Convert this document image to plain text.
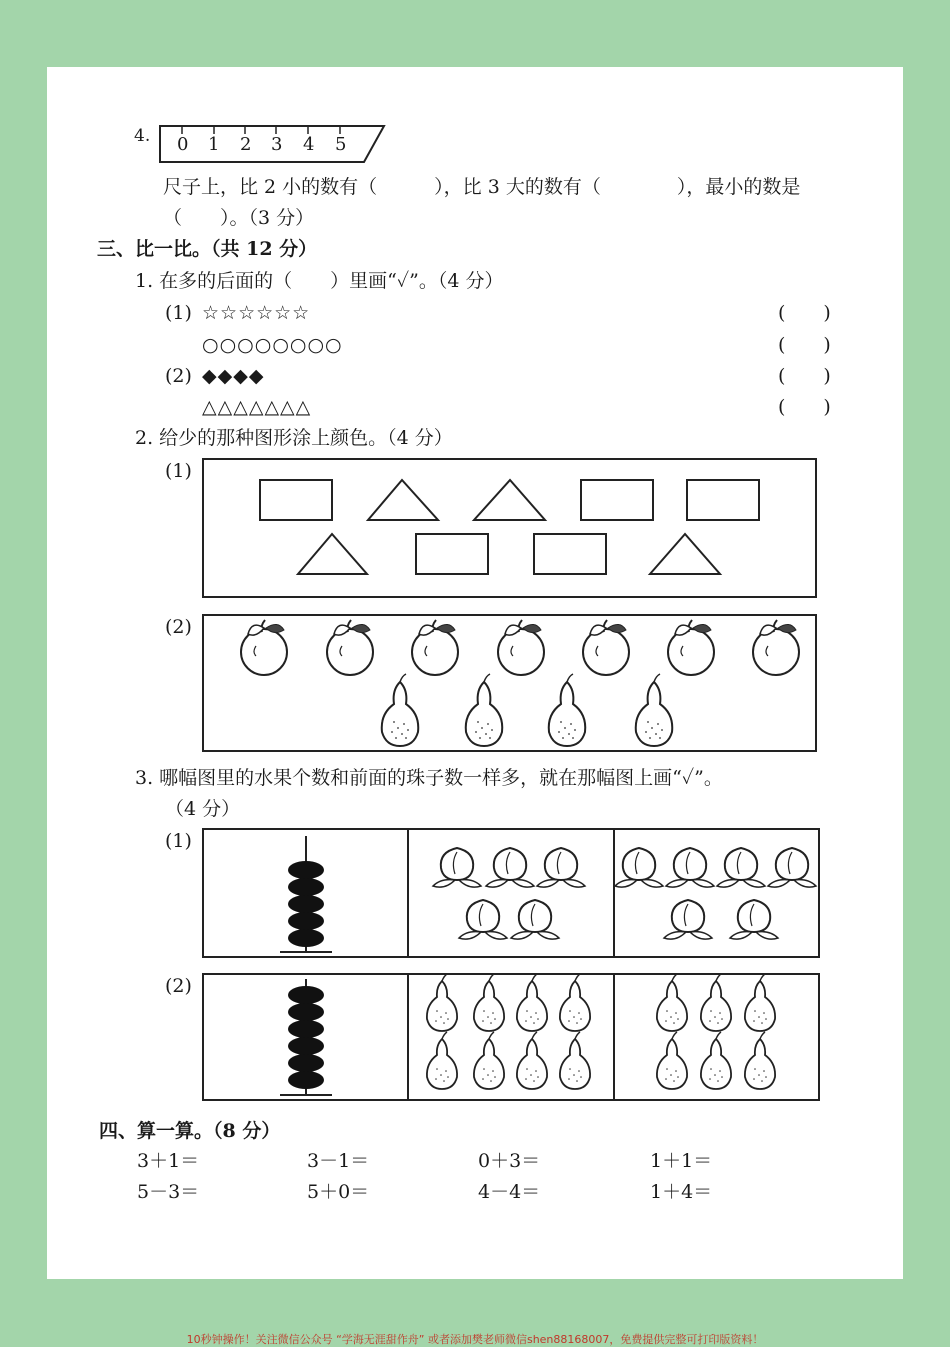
4. 0 1 2 3 4 5
尺子上，比 2 小的数有（　　　），比 3 大的数有（　　　　），最小的数是
（　　）。（3 分）
三、比一比。（共 12 分）
1. 在多的后面的（　　）里画“✓”。（4 分）
(1) ☆☆☆☆☆☆	(　　)
○○○○○○○○	(　　)
(2) ◆◆◆◆	(　　)
△△△△△△△	(　　)
2. 给少的那种图形涂上颜色。（4 分）
(1)
(2)
3. 哪幅图里的水果个数和前面的珠子数一样多，就在那幅图上画“✓”。
（4 分）
(1)
(2)
四、算一算。（8 分）
3＋1＝	3－1＝	0＋3＝	1＋1＝
5－3＝	5＋0＝	4－4＝	1＋4＝
10秒钟操作！关注微信公众号 “学海无涯甜作舟” 或者添加樊老师微信shen88168007，免费提供完整可打印版资料！
